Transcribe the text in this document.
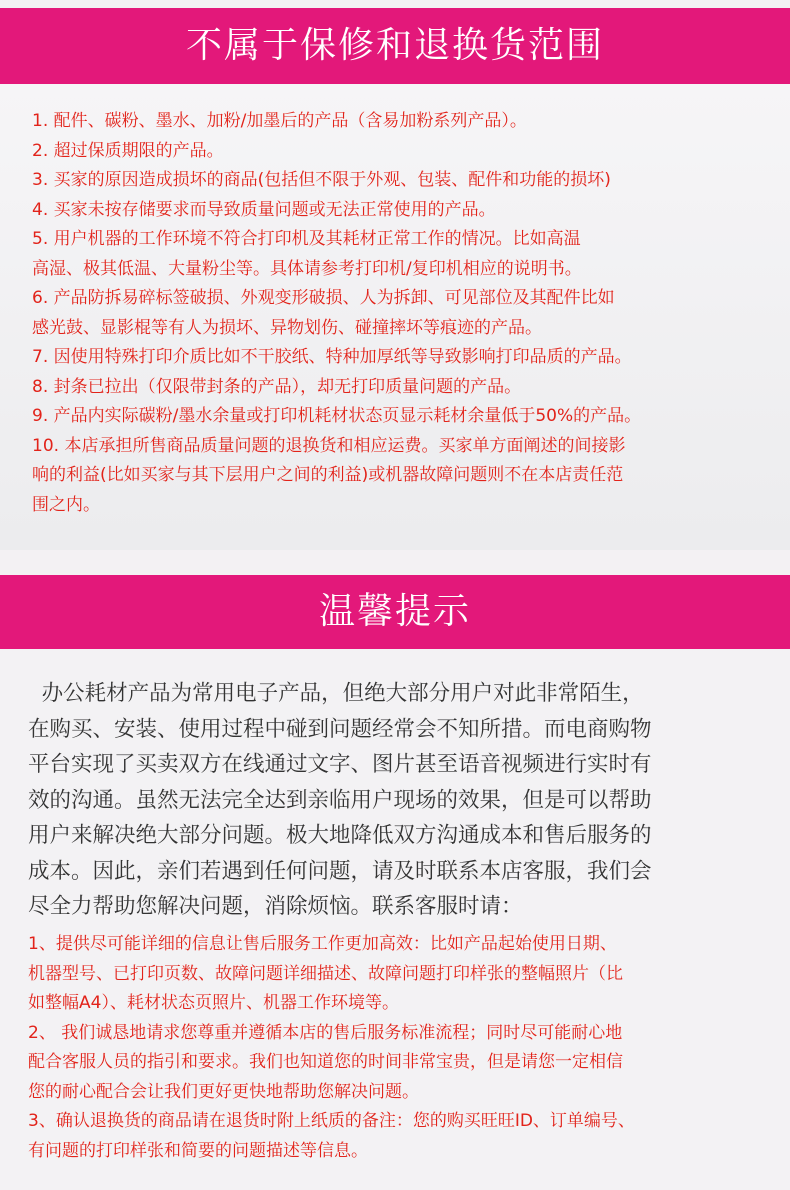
不属于保修和退换货范围
1. 配件、碳粉、墨水、加粉/加墨后的产品（含易加粉系列产品）。
2. 超过保质期限的产品。
3. 买家的原因造成损坏的商品(包括但不限于外观、包装、配件和功能的损坏)
4. 买家未按存储要求而导致质量问题或无法正常使用的产品。
5. 用户机器的工作环境不符合打印机及其耗材正常工作的情况。比如高温
高湿、极其低温、大量粉尘等。具体请参考打印机/复印机相应的说明书。
6. 产品防拆易碎标签破损、外观变形破损、人为拆卸、可见部位及其配件比如
感光鼓、显影棍等有人为损坏、异物划伤、碰撞摔坏等痕迹的产品。
7. 因使用特殊打印介质比如不干胶纸、特种加厚纸等导致影响打印品质的产品。
8. 封条已拉出（仅限带封条的产品），却无打印质量问题的产品。
9. 产品内实际碳粉/墨水余量或打印机耗材状态页显示耗材余量低于50%的产品。
10. 本店承担所售商品质量问题的退换货和相应运费。买家单方面阐述的间接影
响的利益(比如买家与其下层用户之间的利益)或机器故障问题则不在本店责任范
围之内。
温馨提示
办公耗材产品为常用电子产品，但绝大部分用户对此非常陌生，
在购买、安装、使用过程中碰到问题经常会不知所措。而电商购物
平台实现了买卖双方在线通过文字、图片甚至语音视频进行实时有
效的沟通。虽然无法完全达到亲临用户现场的效果，但是可以帮助
用户来解决绝大部分问题。极大地降低双方沟通成本和售后服务的
成本。因此，亲们若遇到任何问题，请及时联系本店客服，我们会
尽全力帮助您解决问题，消除烦恼。联系客服时请：
1、提供尽可能详细的信息让售后服务工作更加高效：比如产品起始使用日期、
机器型号、已打印页数、故障问题详细描述、故障问题打印样张的整幅照片（比
如整幅A4）、耗材状态页照片、机器工作环境等。
2、 我们诚恳地请求您尊重并遵循本店的售后服务标准流程；同时尽可能耐心地
配合客服人员的指引和要求。我们也知道您的时间非常宝贵，但是请您一定相信
您的耐心配合会让我们更好更快地帮助您解决问题。
3、确认退换货的商品请在退货时附上纸质的备注：您的购买旺旺ID、订单编号、
有问题的打印样张和简要的问题描述等信息。
